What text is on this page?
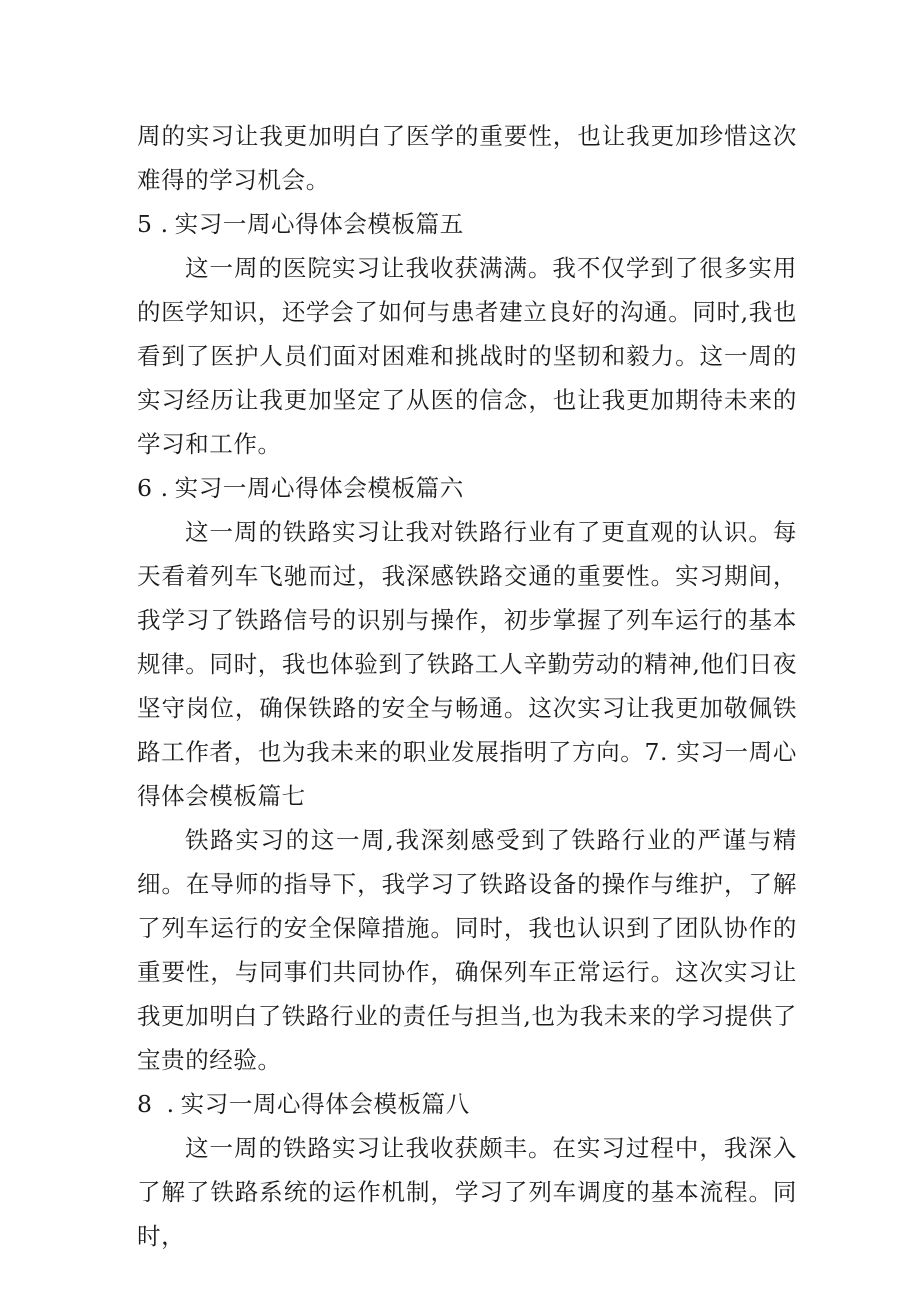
周的实习让我更加明白了医学的重要性，也让我更加珍惜这次难得的学习机会。

5 . 实习一周心得体会模板篇五

这一周的医院实习让我收获满满。我不仅学到了很多实用的医学知识，还学会了如何与患者建立良好的沟通。同时,我也看到了医护人员们面对困难和挑战时的坚韧和毅力。这一周的实习经历让我更加坚定了从医的信念，也让我更加期待未来的学习和工作。

6 . 实习一周心得体会模板篇六

这一周的铁路实习让我对铁路行业有了更直观的认识。每天看着列车飞驰而过，我深感铁路交通的重要性。实习期间，我学习了铁路信号的识别与操作，初步掌握了列车运行的基本规律。同时，我也体验到了铁路工人辛勤劳动的精神,他们日夜坚守岗位，确保铁路的安全与畅通。这次实习让我更加敬佩铁路工作者，也为我未来的职业发展指明了方向。7. 实习一周心得体会模板篇七

铁路实习的这一周,我深刻感受到了铁路行业的严谨与精细。在导师的指导下，我学习了铁路设备的操作与维护，了解了列车运行的安全保障措施。同时，我也认识到了团队协作的重要性，与同事们共同协作，确保列车正常运行。这次实习让我更加明白了铁路行业的责任与担当,也为我未来的学习提供了宝贵的经验。

8 . 实习一周心得体会模板篇八

这一周的铁路实习让我收获颇丰。在实习过程中，我深入了解了铁路系统的运作机制，学习了列车调度的基本流程。同时，
